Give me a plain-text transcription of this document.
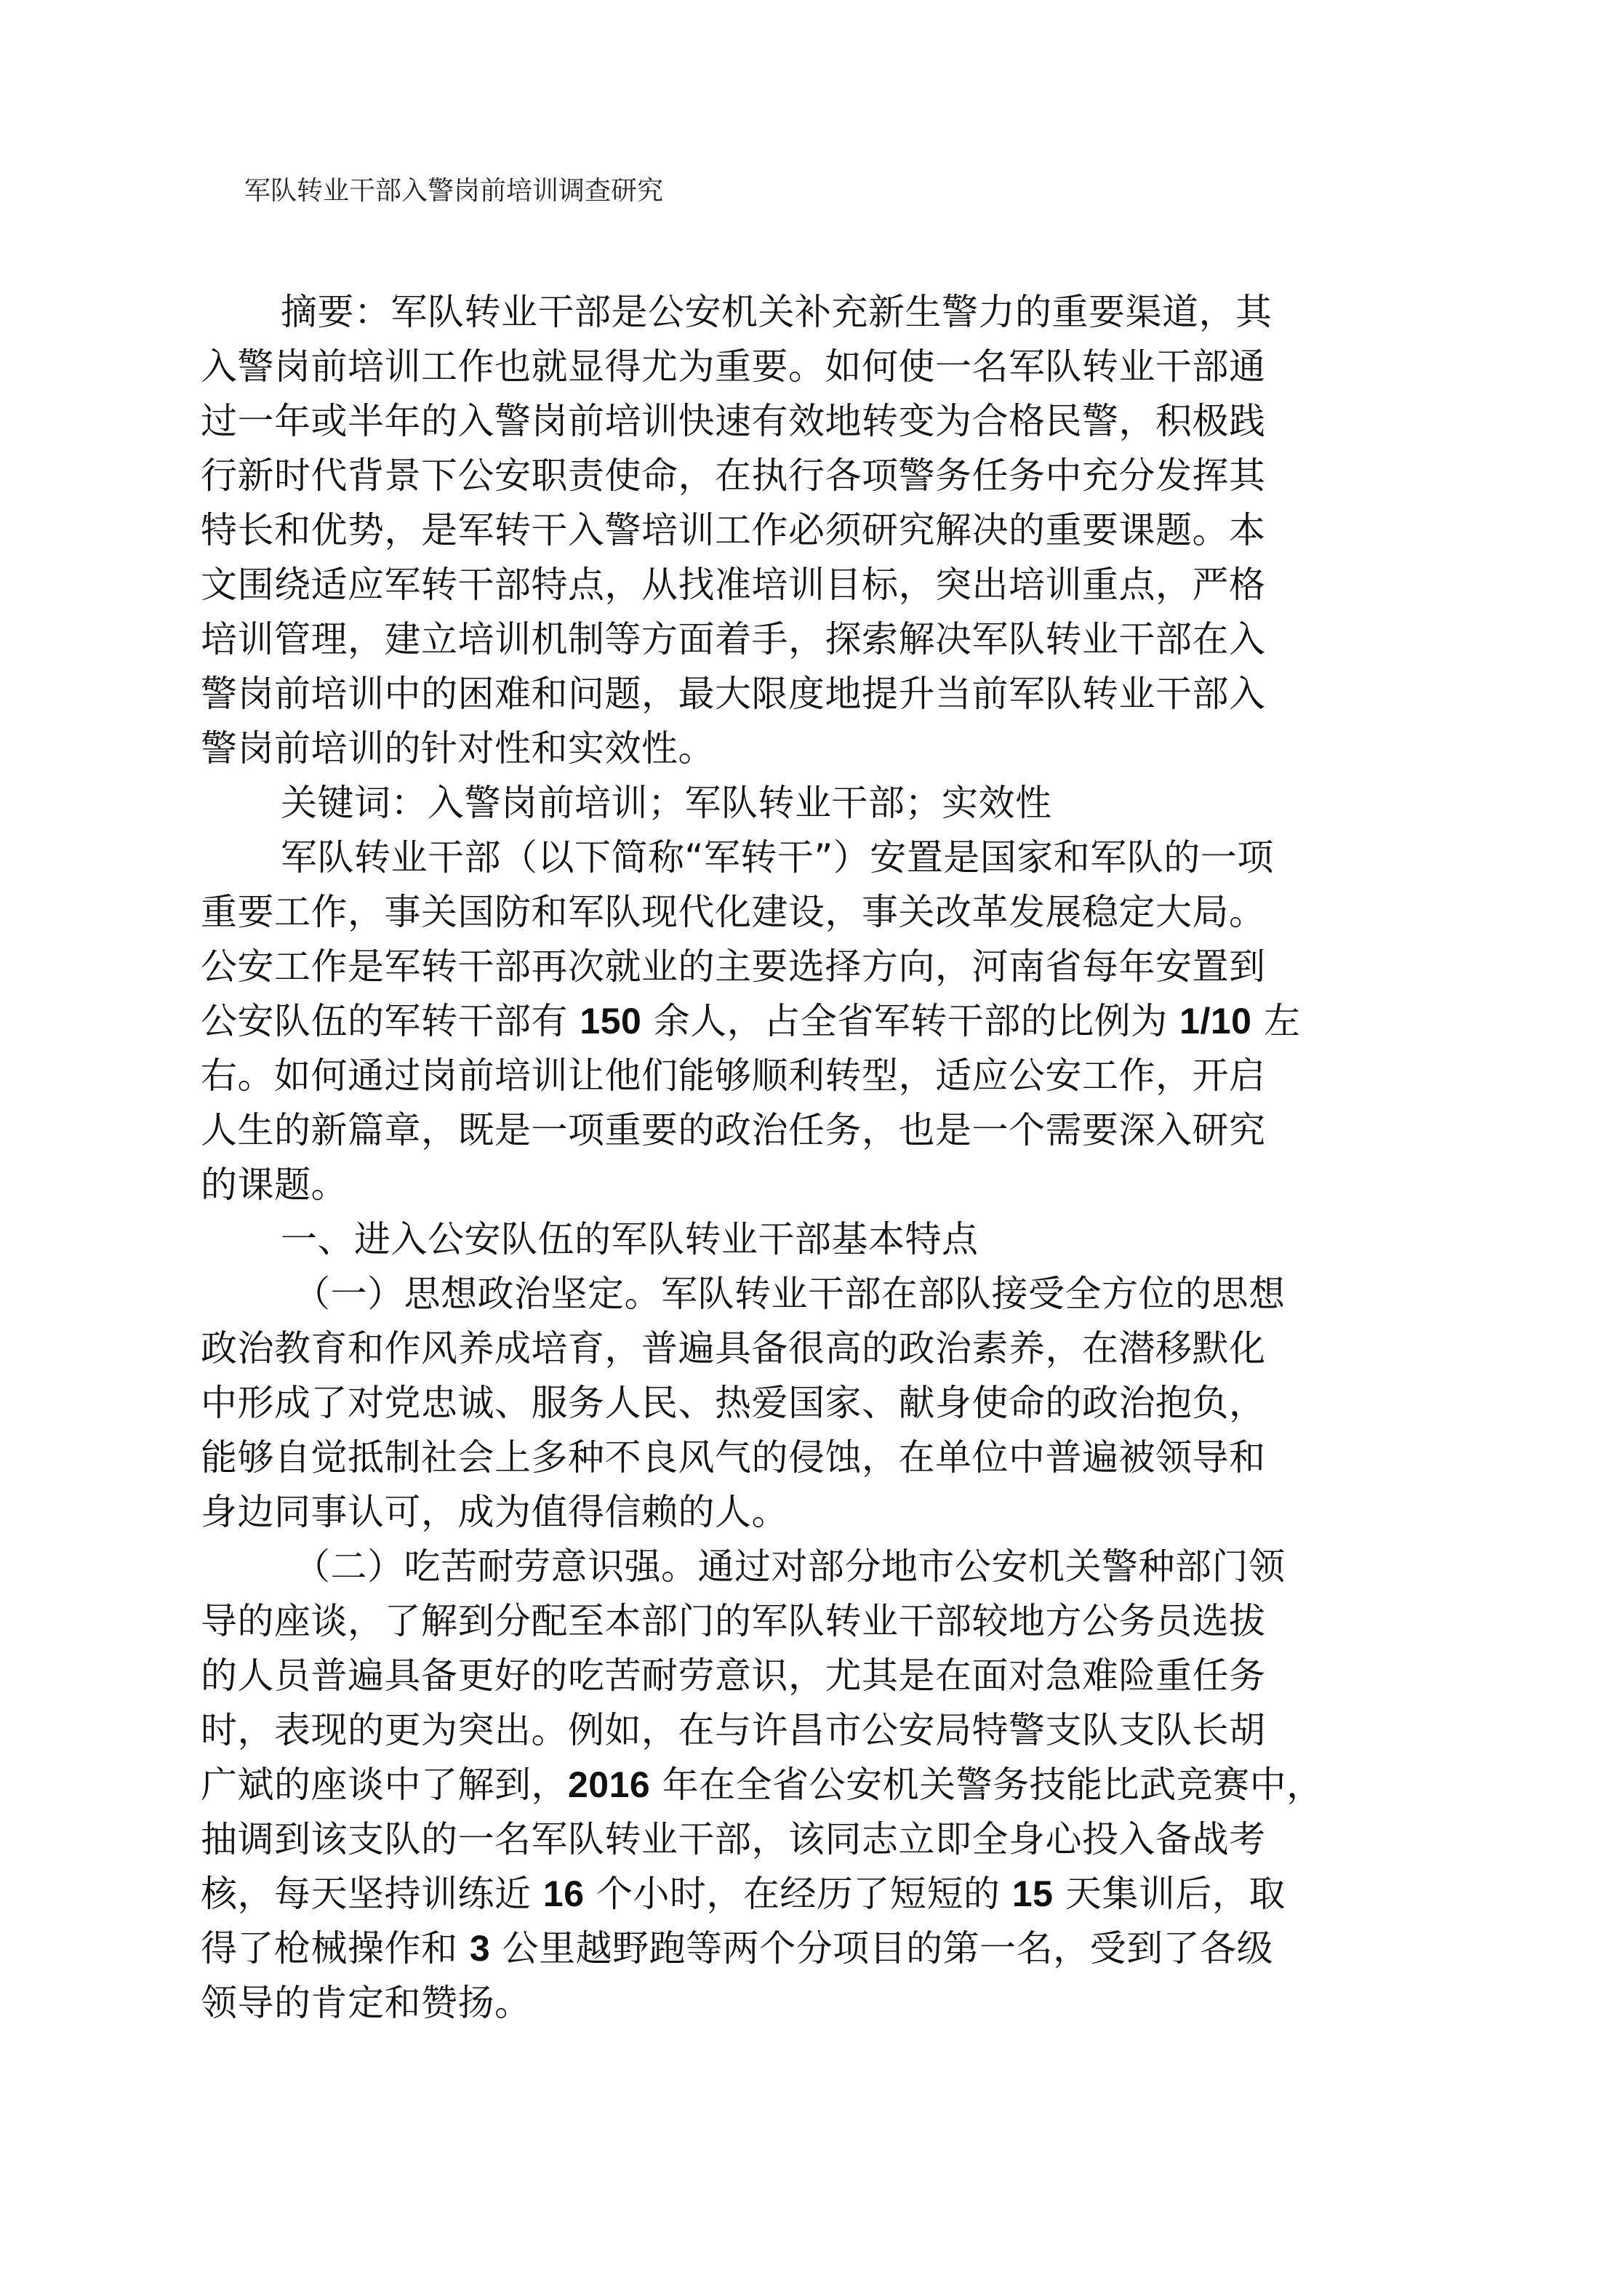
军队转业干部入警岗前培训调查研究
摘要：军队转业干部是公安机关补充新生警力的重要渠道，其
入警岗前培训工作也就显得尤为重要。如何使一名军队转业干部通
过一年或半年的入警岗前培训快速有效地转变为合格民警，积极践
行新时代背景下公安职责使命，在执行各项警务任务中充分发挥其
特长和优势，是军转干入警培训工作必须研究解决的重要课题。本
文围绕适应军转干部特点，从找准培训目标，突出培训重点，严格
培训管理，建立培训机制等方面着手，探索解决军队转业干部在入
警岗前培训中的困难和问题，最大限度地提升当前军队转业干部入
警岗前培训的针对性和实效性。
关键词：入警岗前培训；军队转业干部；实效性
军队转业干部（以下简称“军转干”）安置是国家和军队的一项
重要工作，事关国防和军队现代化建设，事关改革发展稳定大局。
公安工作是军转干部再次就业的主要选择方向，河南省每年安置到
公安队伍的军转干部有 150 余人，占全省军转干部的比例为 1/10 左
右。如何通过岗前培训让他们能够顺利转型，适应公安工作，开启
人生的新篇章，既是一项重要的政治任务，也是一个需要深入研究
的课题。
一、进入公安队伍的军队转业干部基本特点
（一）思想政治坚定。军队转业干部在部队接受全方位的思想
政治教育和作风养成培育，普遍具备很高的政治素养，在潜移默化
中形成了对党忠诚、服务人民、热爱国家、献身使命的政治抱负，
能够自觉抵制社会上多种不良风气的侵蚀，在单位中普遍被领导和
身边同事认可，成为值得信赖的人。
（二）吃苦耐劳意识强。通过对部分地市公安机关警种部门领
导的座谈，了解到分配至本部门的军队转业干部较地方公务员选拔
的人员普遍具备更好的吃苦耐劳意识，尤其是在面对急难险重任务
时，表现的更为突出。例如，在与许昌市公安局特警支队支队长胡
广斌的座谈中了解到，2016 年在全省公安机关警务技能比武竞赛中，
抽调到该支队的一名军队转业干部，该同志立即全身心投入备战考
核，每天坚持训练近 16 个小时，在经历了短短的 15 天集训后，取
得了枪械操作和 3 公里越野跑等两个分项目的第一名，受到了各级
领导的肯定和赞扬。
